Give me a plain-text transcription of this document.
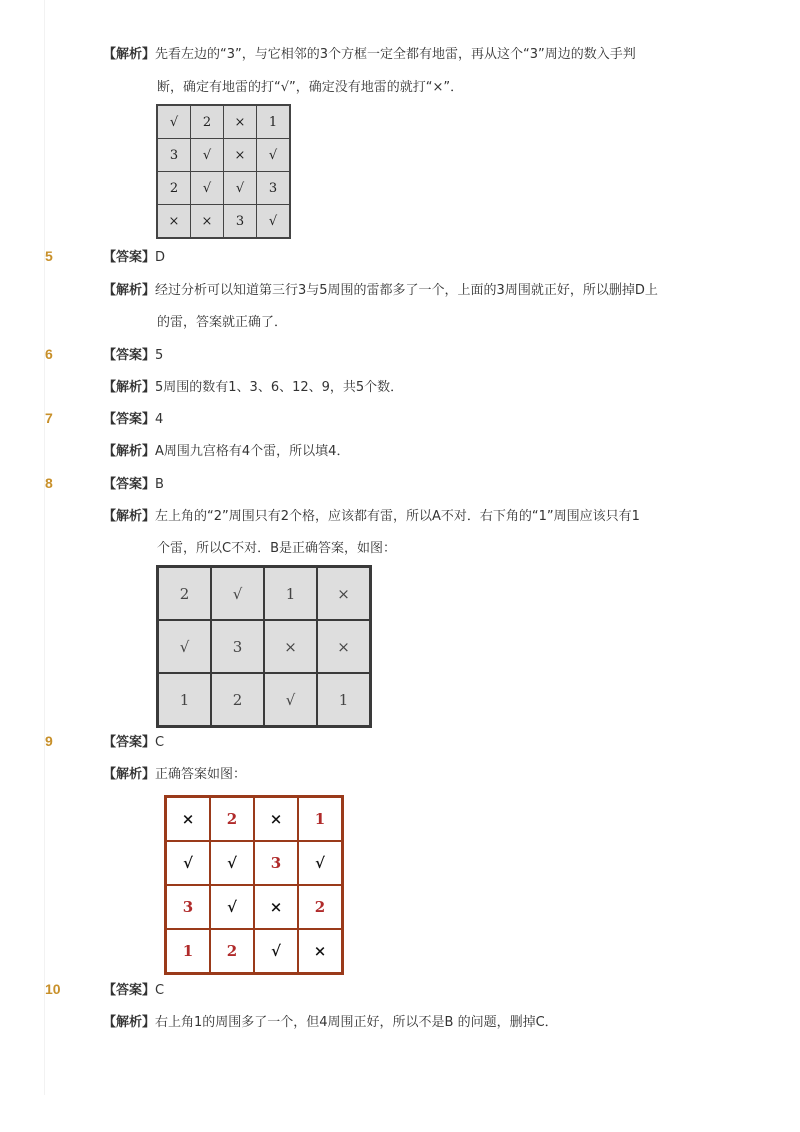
【解析】先看左边的“3”，与它相邻的3个方框一定全都有地雷，再从这个“3”周边的数入手判
断，确定有地雷的打“√”，确定没有地雷的就打“×”．
√	2	×	1
3	√	×	√
2	√	√	3
×	×	3	√
5	【答案】D
【解析】经过分析可以知道第三行3与5周围的雷都多了一个，上面的3周围就正好，所以删掉D上
的雷，答案就正确了．
6	【答案】5
【解析】5周围的数有1、3、6、12、9，共5个数．
7	【答案】4
【解析】A周围九宫格有4个雷，所以填4．
8	【答案】B
【解析】左上角的“2”周围只有2个格，应该都有雷，所以A不对．右下角的“1”周围应该只有1
个雷，所以C不对．B是正确答案，如图：
2	√	1	×
√	3	×	×
1	2	√	1
9	【答案】C
【解析】正确答案如图：
×	2	×	1
√	√	3	√
3	√	×	2
1	2	√	×
10	【答案】C
【解析】右上角1的周围多了一个，但4周围正好，所以不是B 的问题，删掉C．
